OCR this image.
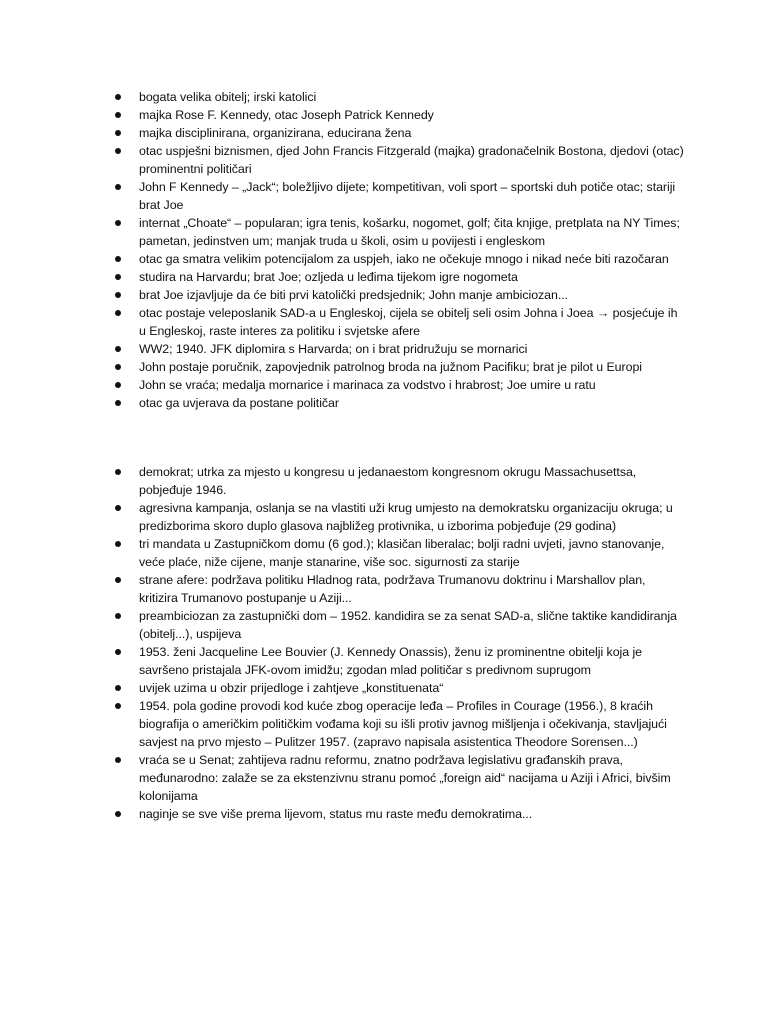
bogata velika obitelj; irski katolici
majka Rose F. Kennedy, otac Joseph Patrick Kennedy
majka disciplinirana, organizirana, educirana žena
otac uspješni biznismen, djed John Francis Fitzgerald (majka) gradonačelnik Bostona, djedovi (otac) prominentni političari
John F Kennedy – „Jack“; boležljivo dijete; kompetitivan, voli sport – sportski duh potiče otac; stariji brat Joe
internat „Choate“ – popularan; igra tenis, košarku, nogomet, golf; čita knjige, pretplata na NY Times; pametan, jedinstven um; manjak truda u školi, osim u povijesti i engleskom
otac ga smatra velikim potencijalom za uspjeh, iako ne očekuje mnogo i nikad neće biti razočaran
studira na Harvardu; brat Joe; ozljeda u leđima tijekom igre nogometa
brat Joe izjavljuje da će biti prvi katolički predsjednik; John manje ambiciozan...
otac postaje veleposlanik SAD-a u Engleskoj, cijela se obitelj seli osim Johna i Joea → posjećuje ih u Engleskoj, raste interes za politiku i svjetske afere
WW2; 1940. JFK diplomira s Harvarda; on i brat pridružuju se mornarici
John postaje poručnik, zapovjednik patrolnog broda na južnom Pacifiku; brat je pilot u Europi
John se vraća; medalja mornarice i marinaca za vodstvo i hrabrost; Joe umire u ratu
otac ga uvjerava da postane političar
demokrat; utrka za mjesto u kongresu u jedanaestom kongresnom okrugu Massachusettsa, pobjeđuje 1946.
agresivna kampanja, oslanja se na vlastiti uži krug umjesto na demokratsku organizaciju okruga; u predizborima skoro duplo glasova najbližeg protivnika, u izborima pobjeđuje (29 godina)
tri mandata u Zastupničkom domu (6 god.); klasičan liberalac; bolji radni uvjeti, javno stanovanje, veće plaće, niže cijene, manje stanarine, više soc. sigurnosti za starije
strane afere: podržava politiku Hladnog rata, podržava Trumanovu doktrinu i Marshallov plan, kritizira Trumanovo postupanje u Aziji...
preambiciozan za zastupnički dom – 1952. kandidira se za senat SAD-a, slične taktike kandidiranja (obitelj...), uspijeva
1953. ženi Jacqueline Lee Bouvier (J. Kennedy Onassis), ženu iz prominentne obitelji koja je savršeno pristajala JFK-ovom imidžu; zgodan mlad političar s predivnom suprugom
uvijek uzima u obzir prijedloge i zahtjeve „konstituenata“
1954. pola godine provodi kod kuće zbog operacije leđa – Profiles in Courage (1956.), 8 kraćih biografija o američkim političkim vođama koji su išli protiv javnog mišljenja i očekivanja, stavljajući savjest na prvo mjesto – Pulitzer 1957. (zapravo napisala asistentica Theodore Sorensen...)
vraća se u Senat; zahtijeva radnu reformu, znatno podržava legislativu građanskih prava, međunarodno: zalaže se za ekstenzivnu stranu pomoć „foreign aid“ nacijama u Aziji i Africi, bivšim kolonijama
naginje se sve više prema lijevom, status mu raste među demokratima...
